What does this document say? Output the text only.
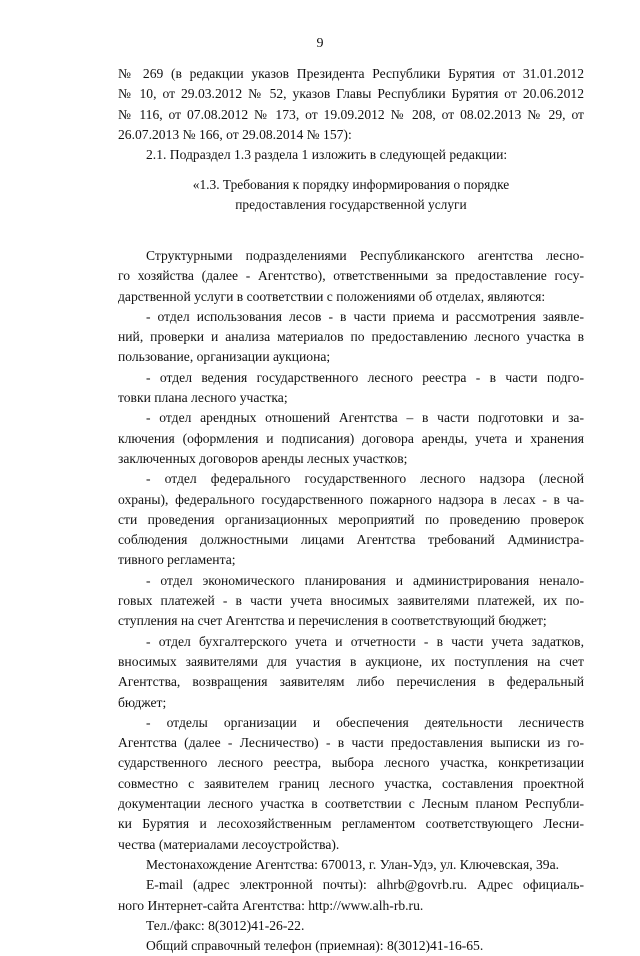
9
№ 269 (в редакции указов Президента Республики Бурятия от 31.01.2012
№ 10, от 29.03.2012 № 52, указов Главы Республики Бурятия от 20.06.2012
№ 116, от 07.08.2012 № 173, от 19.09.2012 № 208, от 08.02.2013 № 29, от
26.07.2013 № 166, от 29.08.2014 № 157):
2.1. Подраздел 1.3 раздела 1 изложить в следующей редакции:
«1.3. Требования к порядку информирования о порядке
предоставления государственной услуги
Структурными подразделениями Республиканского агентства лесно-
го хозяйства (далее - Агентство), ответственными за предоставление госу-
дарственной услуги в соответствии с положениями об отделах, являются:
- отдел использования лесов - в части приема и рассмотрения заявле-
ний, проверки и анализа материалов по предоставлению лесного участка в
пользование, организации аукциона;
- отдел ведения государственного лесного реестра - в части подго-
товки плана лесного участка;
- отдел арендных отношений Агентства – в части подготовки и за-
ключения (оформления и подписания) договора аренды, учета и хранения
заключенных договоров аренды лесных участков;
- отдел федерального государственного лесного надзора (лесной
охраны), федерального государственного пожарного надзора в лесах - в ча-
сти проведения организационных мероприятий по проведению проверок
соблюдения должностными лицами Агентства требований Администра-
тивного регламента;
- отдел экономического планирования и администрирования неналo-
говых платежей - в части учета вносимых заявителями платежей, их по-
ступления на счет Агентства и перечисления в соответствующий бюджет;
- отдел бухгалтерского учета и отчетности - в части учета задатков,
вносимых заявителями для участия в аукционе, их поступления на счет
Агентства, возвращения заявителям либо перечисления в федеральный
бюджет;
- отделы организации и обеспечения деятельности лесничеств
Агентства (далее - Лесничество) - в части предоставления выписки из го-
сударственного лесного реестра, выбора лесного участка, конкретизации
совместно с заявителем границ лесного участка, составления проектной
документации лесного участка в соответствии с Лесным планом Республи-
ки Бурятия и лесохозяйственным регламентом соответствующего Лесни-
чества (материалами лесоустройства).
Местонахождение Агентства: 670013, г. Улан-Удэ, ул. Ключевская, 39а.
E-mail (адрес электронной почты): alhrb@govrb.ru. Адрес официаль-
ного Интернет-сайта Агентства: http://www.alh-rb.ru.
Тел./факс: 8(3012)41-26-22.
Общий справочный телефон (приемная): 8(3012)41-16-65.
